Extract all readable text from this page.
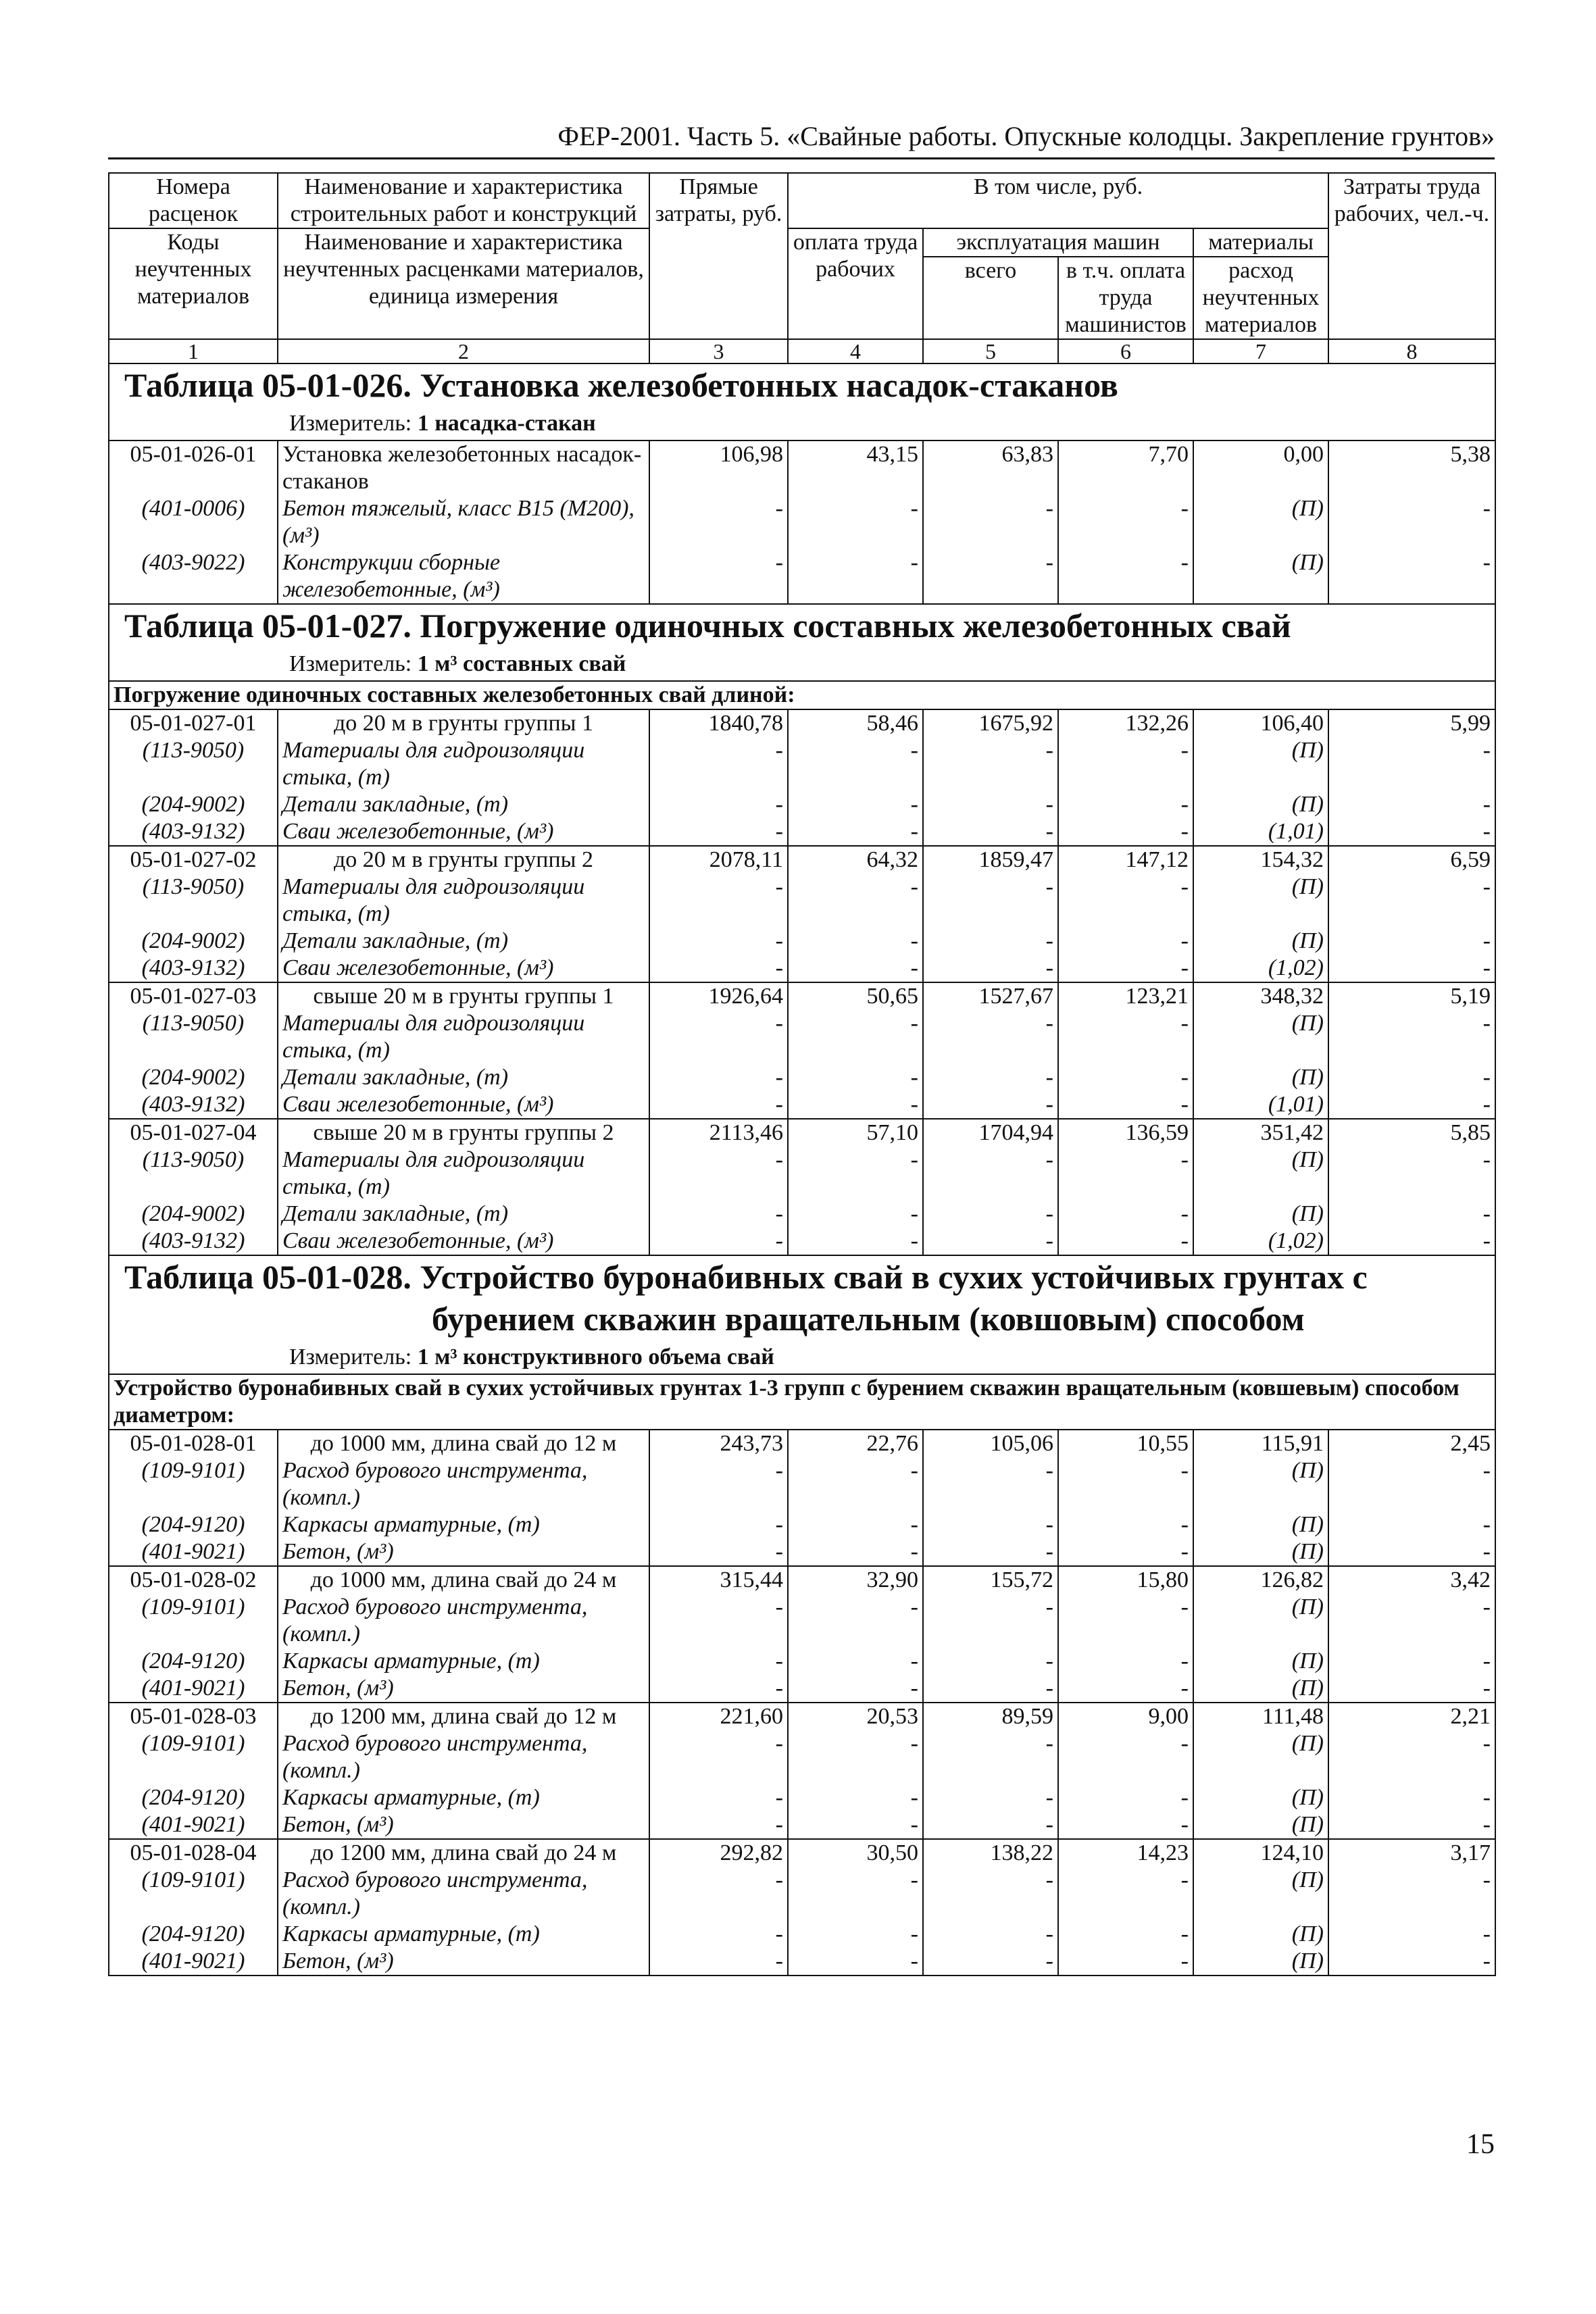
ФЕР-2001. Часть 5. «Свайные работы. Опускные колодцы. Закрепление грунтов»
Номера расценок	Наименование и характеристика строительных работ и конструкций	Прямые затраты, руб.	В том числе, руб.				Затраты труда рабочих, чел.-ч.
Коды неучтенных материалов	Наименование и характеристика неучтенных расценками материалов, единица измерения		оплата труда рабочих	эксплуатация машин		материалы	
				всего	в т.ч. оплата труда машинистов	расход неучтенных материалов	
1	2	3	4	5	6	7	8

Таблица 05-01-026. Установка железобетонных насадок-стаканов
Измеритель: 1 насадка-стакан							

05-01-026-01	Установка железобетонных насадок-стаканов	106,98	43,15	63,83	7,70	0,00	5,38
(401-0006)	Бетон тяжелый, класс В15 (М200), (м³)	-	-	-	-	(П)	-
(403-9022)	Конструкции сборные железобетонные, (м³)	-	-	-	-	(П)	-

Таблица 05-01-027. Погружение одиночных составных железобетонных свай
Измеритель: 1 м³ составных свай							

Погружение одиночных составных железобетонных свай длиной:							
05-01-027-01	до 20 м в грунты группы 1	1840,78	58,46	1675,92	132,26	106,40	5,99
(113-9050)	Материалы для гидроизоляции стыка, (т)	-	-	-	-	(П)	-
(204-9002)	Детали закладные, (т)	-	-	-	-	(П)	-
(403-9132)	Сваи железобетонные, (м³)	-	-	-	-	(1,01)	-
05-01-027-02	до 20 м в грунты группы 2	2078,11	64,32	1859,47	147,12	154,32	6,59
(113-9050)	Материалы для гидроизоляции стыка, (т)	-	-	-	-	(П)	-
(204-9002)	Детали закладные, (т)	-	-	-	-	(П)	-
(403-9132)	Сваи железобетонные, (м³)	-	-	-	-	(1,02)	-
05-01-027-03	свыше 20 м в грунты группы 1	1926,64	50,65	1527,67	123,21	348,32	5,19
(113-9050)	Материалы для гидроизоляции стыка, (т)	-	-	-	-	(П)	-
(204-9002)	Детали закладные, (т)	-	-	-	-	(П)	-
(403-9132)	Сваи железобетонные, (м³)	-	-	-	-	(1,01)	-
05-01-027-04	свыше 20 м в грунты группы 2	2113,46	57,10	1704,94	136,59	351,42	5,85
(113-9050)	Материалы для гидроизоляции стыка, (т)	-	-	-	-	(П)	-
(204-9002)	Детали закладные, (т)	-	-	-	-	(П)	-
(403-9132)	Сваи железобетонные, (м³)	-	-	-	-	(1,02)	-

Таблица 05-01-028. Устройство буронабивных свай в сухих устойчивых грунтах с
бурением скважин вращательным (ковшовым) способом
Измеритель: 1 м³ конструктивного объема свай							

Устройство буронабивных свай в сухих устойчивых грунтах 1-3 групп с бурением скважин вращательным (ковшевым) способом диаметром:							
05-01-028-01	до 1000 мм, длина свай до 12 м	243,73	22,76	105,06	10,55	115,91	2,45
(109-9101)	Расход бурового инструмента, (компл.)	-	-	-	-	(П)	-
(204-9120)	Каркасы арматурные, (т)	-	-	-	-	(П)	-
(401-9021)	Бетон, (м³)	-	-	-	-	(П)	-
05-01-028-02	до 1000 мм, длина свай до 24 м	315,44	32,90	155,72	15,80	126,82	3,42
(109-9101)	Расход бурового инструмента, (компл.)	-	-	-	-	(П)	-
(204-9120)	Каркасы арматурные, (т)	-	-	-	-	(П)	-
(401-9021)	Бетон, (м³)	-	-	-	-	(П)	-
05-01-028-03	до 1200 мм, длина свай до 12 м	221,60	20,53	89,59	9,00	111,48	2,21
(109-9101)	Расход бурового инструмента, (компл.)	-	-	-	-	(П)	-
(204-9120)	Каркасы арматурные, (т)	-	-	-	-	(П)	-
(401-9021)	Бетон, (м³)	-	-	-	-	(П)	-
05-01-028-04	до 1200 мм, длина свай до 24 м	292,82	30,50	138,22	14,23	124,10	3,17
(109-9101)	Расход бурового инструмента, (компл.)	-	-	-	-	(П)	-
(204-9120)	Каркасы арматурные, (т)	-	-	-	-	(П)	-
(401-9021)	Бетон, (м³)	-	-	-	-	(П)	-
15
